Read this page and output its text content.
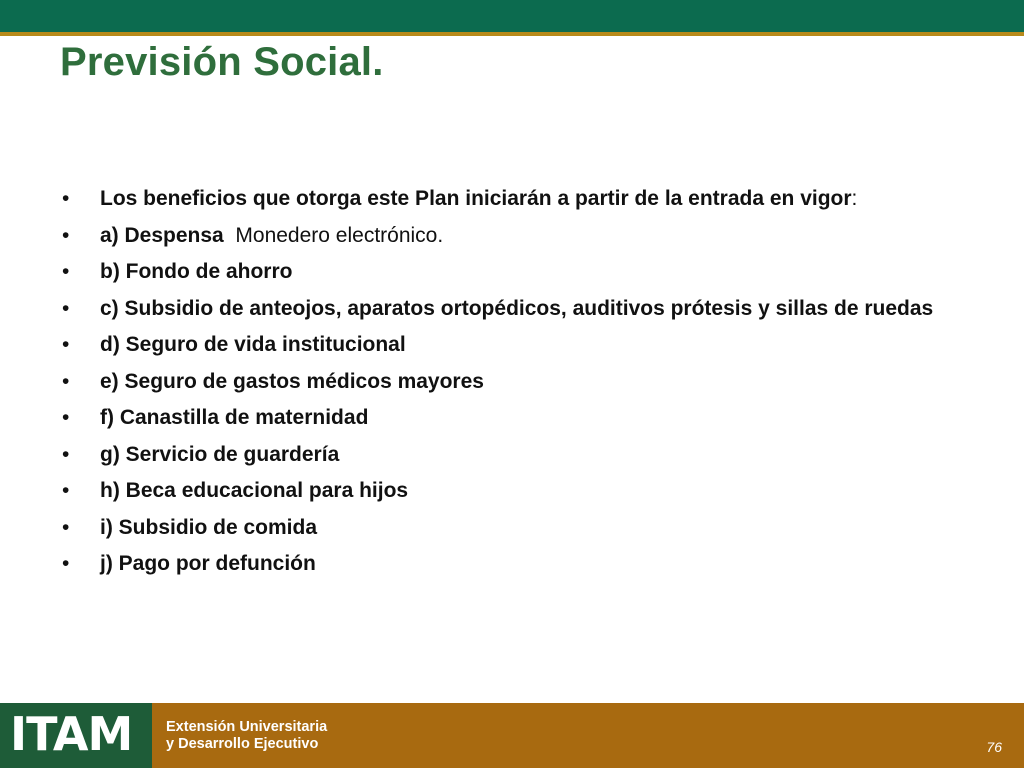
Previsión Social.
• Los beneficios que otorga este Plan iniciarán a partir de la entrada en vigor:
• a) Despensa  Monedero electrónico.
• b) Fondo de ahorro
• c) Subsidio de anteojos, aparatos ortopédicos, auditivos prótesis y sillas de ruedas
• d) Seguro de vida institucional
• e) Seguro de gastos médicos mayores
• f) Canastilla de maternidad
• g) Servicio de guardería
• h) Beca educacional para hijos
• i) Subsidio de comida
• j) Pago por defunción
ITAM Extensión Universitaria
y Desarrollo Ejecutivo	76
